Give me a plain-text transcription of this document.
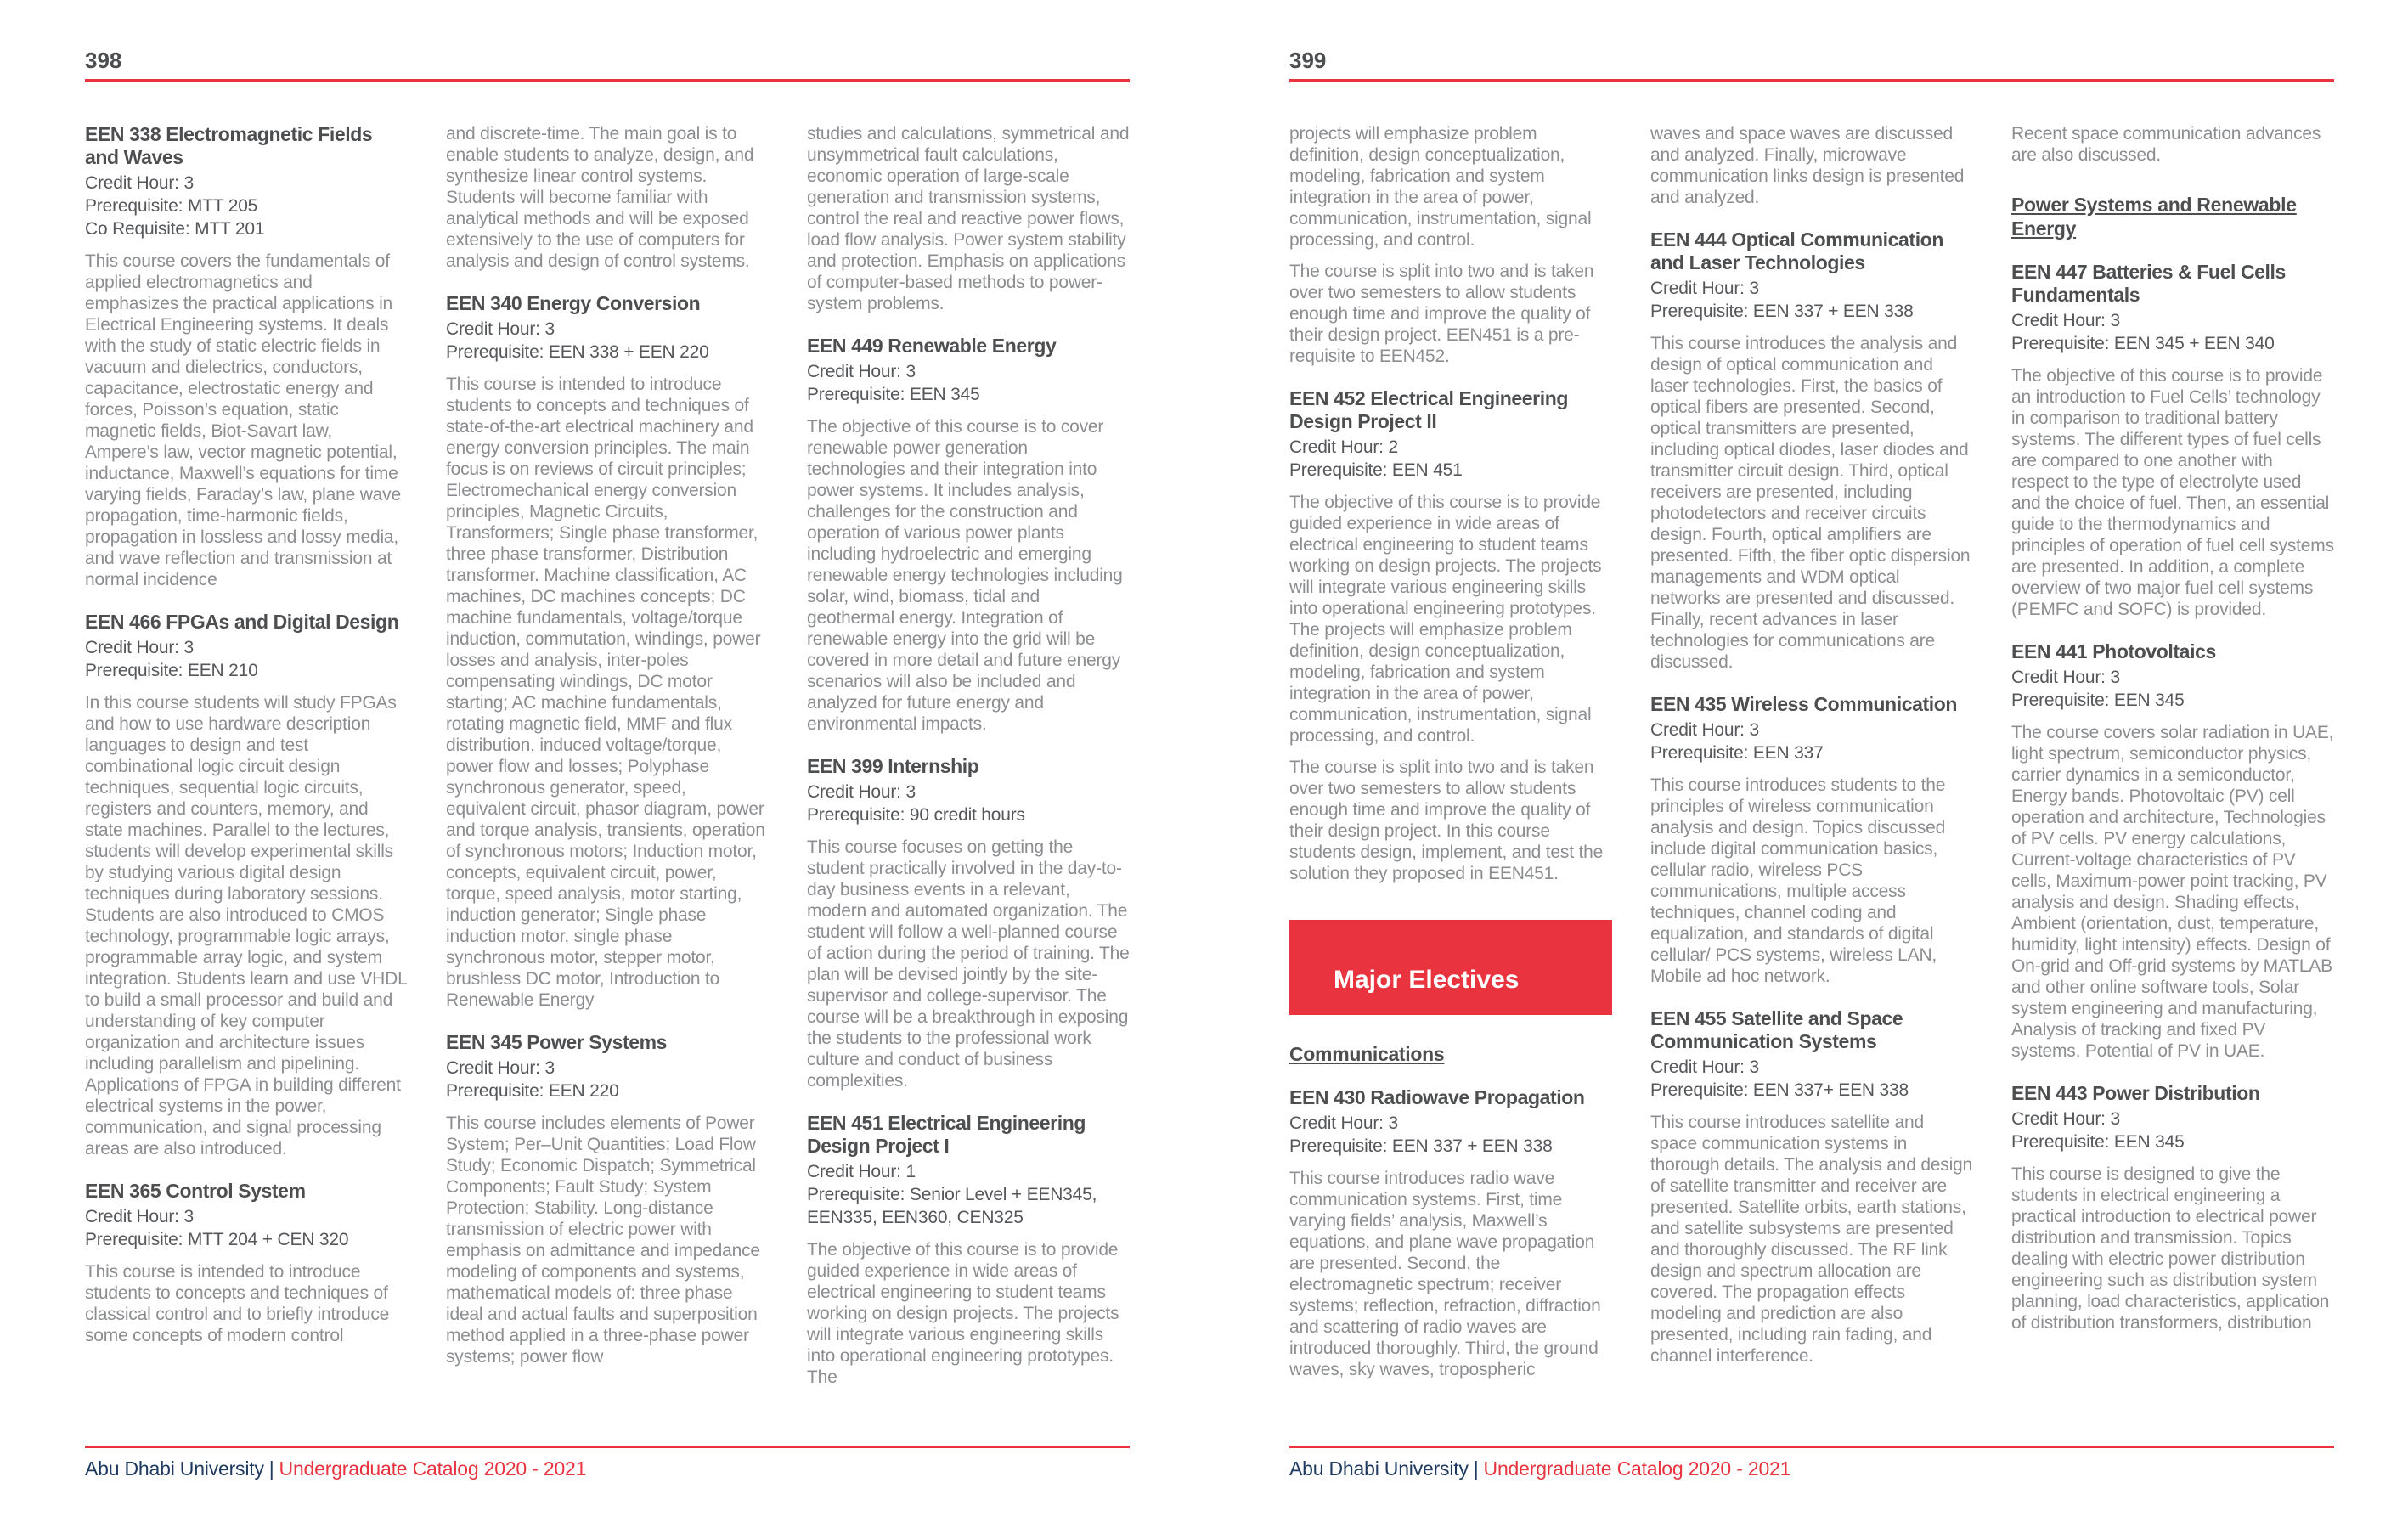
398
EEN 338 Electromagnetic Fields and Waves
Credit Hour: 3
Prerequisite: MTT 205
Co Requisite: MTT 201

This course covers the fundamentals of applied electromagnetics and emphasizes the practical applications in Electrical Engineering systems. It deals with the study of static electric fields in vacuum and dielectrics, conductors, capacitance, electrostatic energy and forces, Poisson’s equation, static magnetic fields, Biot-Savart law, Ampere’s law, vector magnetic potential, inductance, Maxwell’s equations for time varying fields, Faraday’s law, plane wave propagation, time-harmonic fields, propagation in lossless and lossy media, and wave reflection and transmission at normal incidence

EEN 466 FPGAs and Digital Design
Credit Hour: 3
Prerequisite: EEN 210

In this course students will study FPGAs and how to use hardware description languages to design and test combinational logic circuit design techniques, sequential logic circuits, registers and counters, memory, and state machines. Parallel to the lectures, students will develop experimental skills by studying various digital design techniques during laboratory sessions. Students are also introduced to CMOS technology, programmable logic arrays, programmable array logic, and system integration. Students learn and use VHDL to build a small processor and build and understanding of key computer organization and architecture issues including parallelism and pipelining. Applications of FPGA in building different electrical systems in the power, communication, and signal processing areas are also introduced.

EEN 365 Control System
Credit Hour: 3
Prerequisite: MTT 204 + CEN 320

This course is intended to introduce students to concepts and techniques of classical control and to briefly introduce some concepts of modern control

and discrete-time. The main goal is to enable students to analyze, design, and synthesize linear control systems. Students will become familiar with analytical methods and will be exposed extensively to the use of computers for analysis and design of control systems.

EEN 340 Energy Conversion
Credit Hour: 3
Prerequisite: EEN 338 + EEN 220

This course is intended to introduce students to concepts and techniques of state-of-the-art electrical machinery and energy conversion principles. The main focus is on reviews of circuit principles; Electromechanical energy conversion principles, Magnetic Circuits, Transformers; Single phase transformer, three phase transformer, Distribution transformer. Machine classification, AC machines, DC machines concepts; DC machine fundamentals, voltage/torque induction, commutation, windings, power losses and analysis, inter-poles compensating windings, DC motor starting; AC machine fundamentals, rotating magnetic field, MMF and flux distribution, induced voltage/torque, power flow and losses; Polyphase synchronous generator, speed, equivalent circuit, phasor diagram, power and torque analysis, transients, operation of synchronous motors; Induction motor, concepts, equivalent circuit, power, torque, speed analysis, motor starting, induction generator; Single phase induction motor, single phase synchronous motor, stepper motor, brushless DC motor, Introduction to Renewable Energy

EEN 345 Power Systems
Credit Hour: 3
Prerequisite: EEN 220

This course includes elements of Power System; Per–Unit Quantities; Load Flow Study; Economic Dispatch; Symmetrical Components; Fault Study; System Protection; Stability. Long-distance transmission of electric power with emphasis on admittance and impedance modeling of components and systems, mathematical models of: three phase ideal and actual faults and superposition method applied in a three-phase power systems; power flow

studies and calculations, symmetrical and unsymmetrical fault calculations, economic operation of large-scale generation and transmission systems, control the real and reactive power flows, load flow analysis. Power system stability and protection. Emphasis on applications of computer-based methods to power-system problems.

EEN 449 Renewable Energy
Credit Hour: 3
Prerequisite: EEN 345

The objective of this course is to cover renewable power generation technologies and their integration into power systems. It includes analysis, challenges for the construction and operation of various power plants including hydroelectric and emerging renewable energy technologies including solar, wind, biomass, tidal and geothermal energy. Integration of renewable energy into the grid will be covered in more detail and future energy scenarios will also be included and analyzed for future energy and environmental impacts.

EEN 399 Internship
Credit Hour: 3
Prerequisite: 90 credit hours

This course focuses on getting the student practically involved in the day-to-day business events in a relevant, modern and automated organization. The student will follow a well-planned course of action during the period of training. The plan will be devised jointly by the site-supervisor and college-supervisor. The course will be a breakthrough in exposing the students to the professional work culture and conduct of business complexities.

EEN 451 Electrical Engineering Design Project I
Credit Hour: 1
Prerequisite: Senior Level + EEN345, EEN335, EEN360, CEN325

The objective of this course is to provide guided experience in wide areas of electrical engineering to student teams working on design projects. The projects will integrate various engineering skills into operational engineering prototypes. The

Abu Dhabi University | Undergraduate Catalog 2020 - 2021
399

projects will emphasize problem definition, design conceptualization, modeling, fabrication and system integration in the area of power, communication, instrumentation, signal processing, and control.

The course is split into two and is taken over two semesters to allow students enough time and improve the quality of their design project. EEN451 is a pre-requisite to EEN452.

EEN 452 Electrical Engineering Design Project II
Credit Hour: 2
Prerequisite: EEN 451

The objective of this course is to provide guided experience in wide areas of electrical engineering to student teams working on design projects. The projects will integrate various engineering skills into operational engineering prototypes. The projects will emphasize problem definition, design conceptualization, modeling, fabrication and system integration in the area of power, communication, instrumentation, signal processing, and control.

The course is split into two and is taken over two semesters to allow students enough time and improve the quality of their design project. In this course students design, implement, and test the solution they proposed in EEN451.

Major Electives
Communications
EEN 430 Radiowave Propagation
Credit Hour: 3
Prerequisite: EEN 337 + EEN 338

This course introduces radio wave communication systems. First, time varying fields’ analysis, Maxwell’s equations, and plane wave propagation are presented. Second, the electromagnetic spectrum; receiver systems; reflection, refraction, diffraction and scattering of radio waves are introduced thoroughly. Third, the ground waves, sky waves, tropospheric

waves and space waves are discussed and analyzed. Finally, microwave communication links design is presented and analyzed.

EEN 444 Optical Communication and Laser Technologies
Credit Hour: 3
Prerequisite: EEN 337 + EEN 338

This course introduces the analysis and design of optical communication and laser technologies. First, the basics of optical fibers are presented. Second, optical transmitters are presented, including optical diodes, laser diodes and transmitter circuit design. Third, optical receivers are presented, including photodetectors and receiver circuits design. Fourth, optical amplifiers are presented. Fifth, the fiber optic dispersion managements and WDM optical networks are presented and discussed. Finally, recent advances in laser technologies for communications are discussed.

EEN 435 Wireless Communication
Credit Hour: 3
Prerequisite: EEN 337

This course introduces students to the principles of wireless communication analysis and design. Topics discussed include digital communication basics, cellular radio, wireless PCS communications, multiple access techniques, channel coding and equalization, and standards of digital cellular/ PCS systems, wireless LAN, Mobile ad hoc network.

EEN 455 Satellite and Space Communication Systems
Credit Hour: 3
Prerequisite: EEN 337+ EEN 338

This course introduces satellite and space communication systems in thorough details. The analysis and design of satellite transmitter and receiver are presented. Satellite orbits, earth stations, and satellite subsystems are presented and thoroughly discussed. The RF link design and spectrum allocation are covered. The propagation effects modeling and prediction are also presented, including rain fading, and channel interference.

Recent space communication advances are also discussed.

Power Systems and Renewable Energy
EEN 447 Batteries & Fuel Cells Fundamentals
Credit Hour: 3
Prerequisite: EEN 345 + EEN 340

The objective of this course is to provide an introduction to Fuel Cells’ technology in comparison to traditional battery systems. The different types of fuel cells are compared to one another with respect to the type of electrolyte used and the choice of fuel. Then, an essential guide to the thermodynamics and principles of operation of fuel cell systems are presented. In addition, a complete overview of two major fuel cell systems (PEMFC and SOFC) is provided.

EEN 441 Photovoltaics
Credit Hour: 3
Prerequisite: EEN 345

The course covers solar radiation in UAE, light spectrum, semiconductor physics, carrier dynamics in a semiconductor, Energy bands. Photovoltaic (PV) cell operation and architecture, Technologies of PV cells. PV energy calculations, Current-voltage characteristics of PV cells, Maximum-power point tracking, PV analysis and design. Shading effects, Ambient (orientation, dust, temperature, humidity, light intensity) effects. Design of On-grid and Off-grid systems by MATLAB and other online software tools, Solar system engineering and manufacturing, Analysis of tracking and fixed PV systems. Potential of PV in UAE.

EEN 443 Power Distribution
Credit Hour: 3
Prerequisite: EEN 345

This course is designed to give the students in electrical engineering a practical introduction to electrical power distribution and transmission. Topics dealing with electric power distribution engineering such as distribution system planning, load characteristics, application of distribution transformers, distribution

Abu Dhabi University | Undergraduate Catalog 2020 - 2021
